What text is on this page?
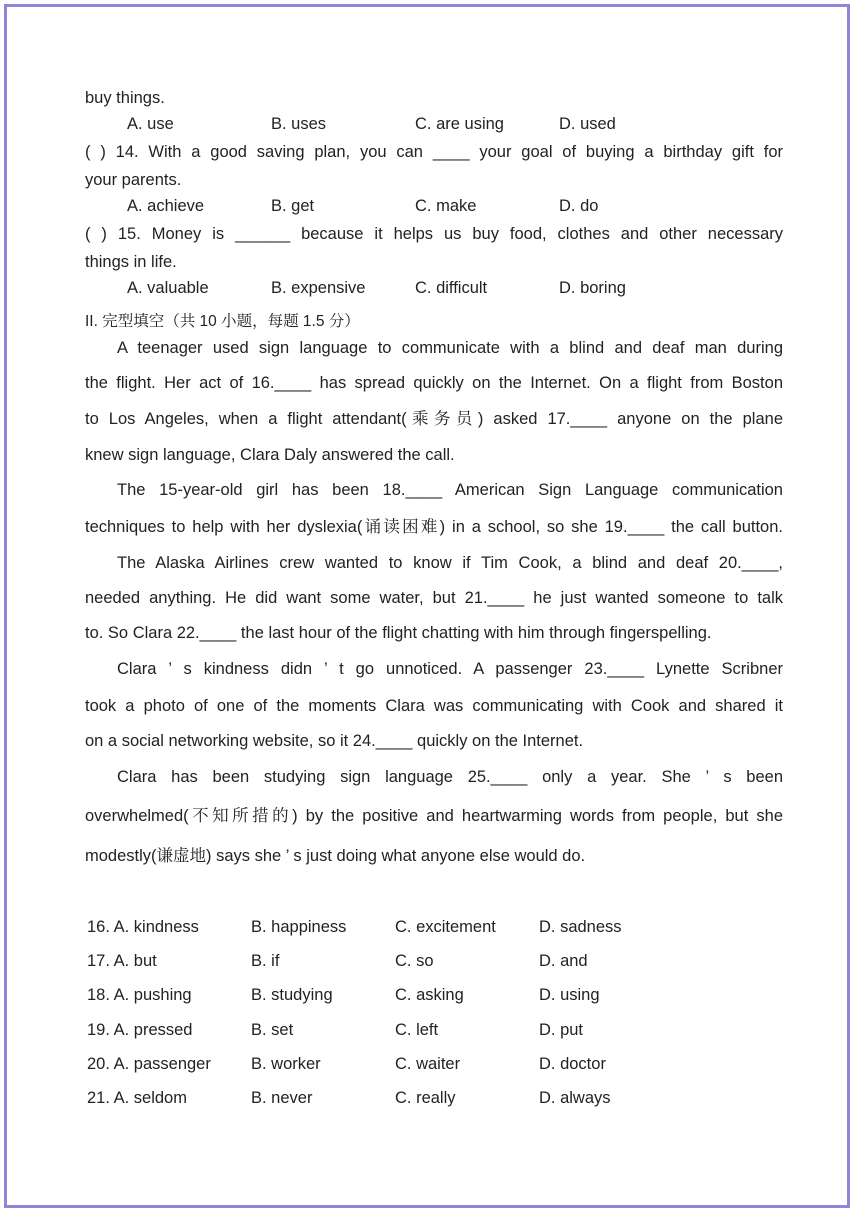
buy things.
A. use	B. uses	C. are using	D. used
( ) 14. With a good saving plan, you can ____ your goal of buying a birthday gift for
your parents.
A. achieve	B. get	C. make	D. do
( ) 15. Money is ______ because it helps us buy food, clothes and other necessary
things in life.
A. valuable	B. expensive	C. difficult	D. boring
II. 完型填空（共 10 小题，每题 1.5 分）
A teenager used sign language to communicate with a blind and deaf man during
the flight. Her act of 16.____ has spread quickly on the Internet. On a flight from Boston
to Los Angeles, when a flight attendant(乘务员) asked 17.____ anyone on the plane
knew sign language, Clara Daly answered the call.
The 15-year-old girl has been 18.____ American Sign Language communication
techniques to help with her dyslexia(诵读困难) in a school, so she 19.____ the call button.
The Alaska Airlines crew wanted to know if Tim Cook, a blind and deaf 20.____,
needed anything. He did want some water, but 21.____ he just wanted someone to talk
to. So Clara 22.____ the last hour of the flight chatting with him through fingerspelling.
Clara ’ s kindness didn ’ t go unnoticed. A passenger 23.____ Lynette Scribner
took a photo of one of the moments Clara was communicating with Cook and shared it
on a social networking website, so it 24.____ quickly on the Internet.
Clara has been studying sign language 25.____ only a year. She ’ s been
overwhelmed(不知所措的) by the positive and heartwarming words from people, but she
modestly(谦虚地) says she ’ s just doing what anyone else would do.
16. A. kindness	B. happiness	C. excitement	D. sadness
17. A. but	B. if	C. so	D. and
18. A. pushing	B. studying	C. asking	D. using
19. A. pressed	B. set	C. left	D. put
20. A. passenger B. worker	C. waiter	D. doctor
21. A. seldom	B. never	C. really	D. always
